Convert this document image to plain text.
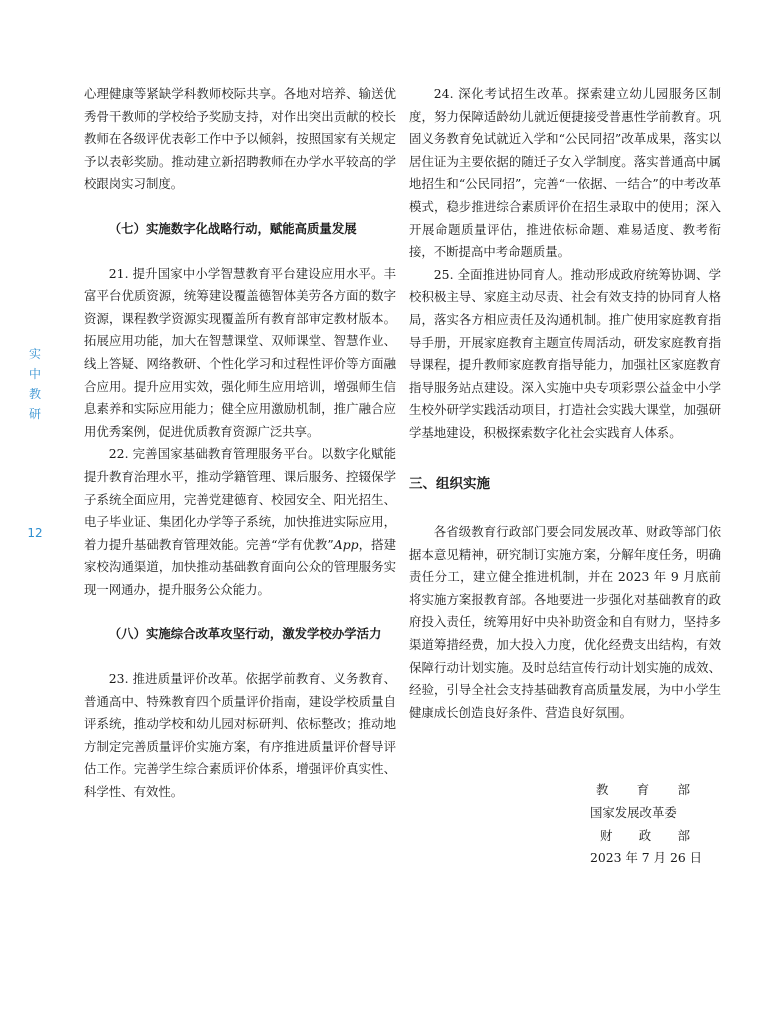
实
中
教
研
12

心理健康等紧缺学科教师校际共享。各地对培养、输送优秀骨干教师的学校给予奖励支持，对作出突出贡献的校长教师在各级评优表彰工作中予以倾斜，按照国家有关规定予以表彰奖励。推动建立新招聘教师在办学水平较高的学校跟岗实习制度。

（七）实施数字化战略行动，赋能高质量发展

21. 提升国家中小学智慧教育平台建设应用水平。丰富平台优质资源，统筹建设覆盖德智体美劳各方面的数字资源，课程教学资源实现覆盖所有教育部审定教材版本。拓展应用功能，加大在智慧课堂、双师课堂、智慧作业、线上答疑、网络教研、个性化学习和过程性评价等方面融合应用。提升应用实效，强化师生应用培训，增强师生信息素养和实际应用能力；健全应用激励机制，推广融合应用优秀案例，促进优质教育资源广泛共享。

22. 完善国家基础教育管理服务平台。以数字化赋能提升教育治理水平，推动学籍管理、课后服务、控辍保学子系统全面应用，完善党建德育、校园安全、阳光招生、电子毕业证、集团化办学等子系统，加快推进实际应用，着力提升基础教育管理效能。完善“学有优教”App，搭建家校沟通渠道，加快推动基础教育面向公众的管理服务实现一网通办，提升服务公众能力。

（八）实施综合改革攻坚行动，激发学校办学活力

23. 推进质量评价改革。依据学前教育、义务教育、普通高中、特殊教育四个质量评价指南，建设学校质量自评系统，推动学校和幼儿园对标研判、依标整改；推动地方制定完善质量评价实施方案，有序推进质量评价督导评估工作。完善学生综合素质评价体系，增强评价真实性、科学性、有效性。

24. 深化考试招生改革。探索建立幼儿园服务区制度，努力保障适龄幼儿就近便捷接受普惠性学前教育。巩固义务教育免试就近入学和“公民同招”改革成果，落实以居住证为主要依据的随迁子女入学制度。落实普通高中属地招生和“公民同招”，完善“一依据、一结合”的中考改革模式，稳步推进综合素质评价在招生录取中的使用；深入开展命题质量评估，推进依标命题、难易适度、教考衔接，不断提高中考命题质量。

25. 全面推进协同育人。推动形成政府统筹协调、学校积极主导、家庭主动尽责、社会有效支持的协同育人格局，落实各方相应责任及沟通机制。推广使用家庭教育指导手册，开展家庭教育主题宣传周活动，研发家庭教育指导课程，提升教师家庭教育指导能力，加强社区家庭教育指导服务站点建设。深入实施中央专项彩票公益金中小学生校外研学实践活动项目，打造社会实践大课堂，加强研学基地建设，积极探索数字化社会实践育人体系。

三、组织实施

各省级教育行政部门要会同发展改革、财政等部门依据本意见精神，研究制订实施方案，分解年度任务，明确责任分工，建立健全推进机制，并在 2023 年 9 月底前将实施方案报教育部。各地要进一步强化对基础教育的政府投入责任，统筹用好中央补助资金和自有财力，坚持多渠道筹措经费，加大投入力度，优化经费支出结构，有效保障行动计划实施。及时总结宣传行动计划实施的成效、经验，引导全社会支持基础教育高质量发展，为中小学生健康成长创造良好条件、营造良好氛围。

教 育 部
国家发展改革委
财 政 部
2023 年 7 月 26 日
